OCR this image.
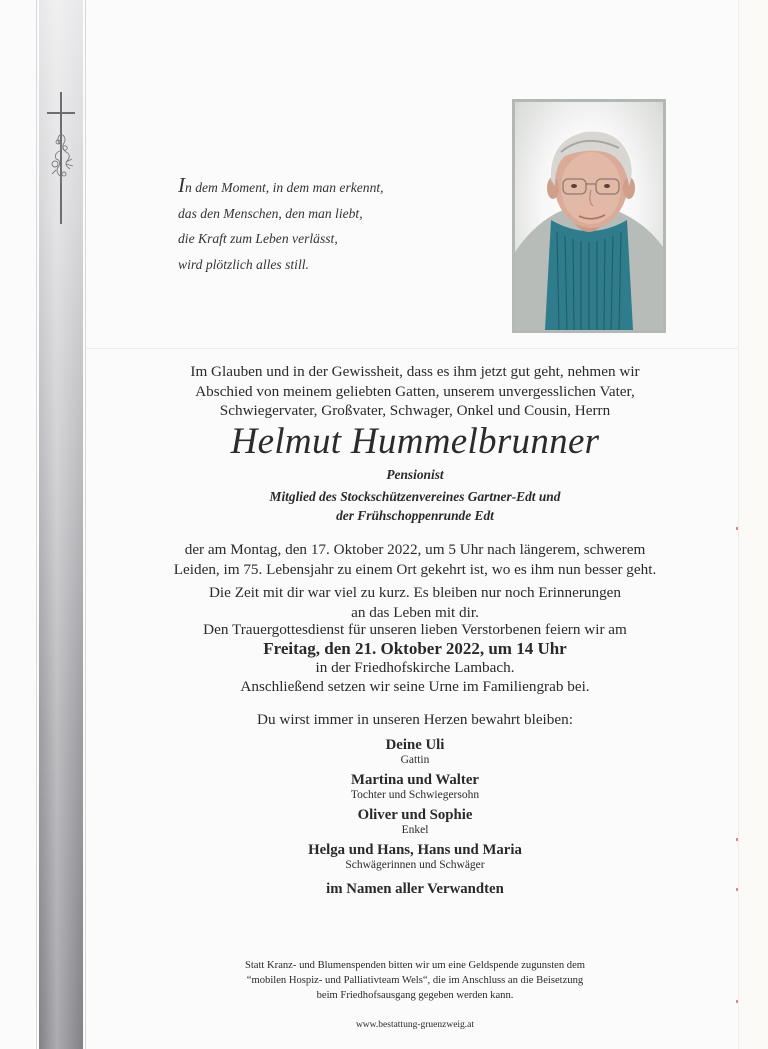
In dem Moment, in dem man erkennt,
das den Menschen, den man liebt,
die Kraft zum Leben verlässt,
wird plötzlich alles still.
Im Glauben und in der Gewissheit, dass es ihm jetzt gut geht, nehmen wir
Abschied von meinem geliebten Gatten, unserem unvergesslichen Vater,
Schwiegervater, Großvater, Schwager, Onkel und Cousin, Herrn
Helmut Hummelbrunner
Pensionist
Mitglied des Stockschützenvereines Gartner-Edt und
der Frühschoppenrunde Edt
der am Montag, den 17. Oktober 2022, um 5 Uhr nach längerem, schwerem
Leiden, im 75. Lebensjahr zu einem Ort gekehrt ist, wo es ihm nun besser geht.
Die Zeit mit dir war viel zu kurz. Es bleiben nur noch Erinnerungen
an das Leben mit dir.
Den Trauergottesdienst für unseren lieben Verstorbenen feiern wir am
Freitag, den 21. Oktober 2022, um 14 Uhr
in der Friedhofskirche Lambach.
Anschließend setzen wir seine Urne im Familiengrab bei.
Du wirst immer in unseren Herzen bewahrt bleiben:
Deine Uli
Gattin
Martina und Walter
Tochter und Schwiegersohn
Oliver und Sophie
Enkel
Helga und Hans, Hans und Maria
Schwägerinnen und Schwäger
im Namen aller Verwandten
Statt Kranz- und Blumenspenden bitten wir um eine Geldspende zugunsten dem
“mobilen Hospiz- und Palliativteam Wels“, die im Anschluss an die Beisetzung
beim Friedhofsausgang gegeben werden kann.
www.bestattung-gruenzweig.at
